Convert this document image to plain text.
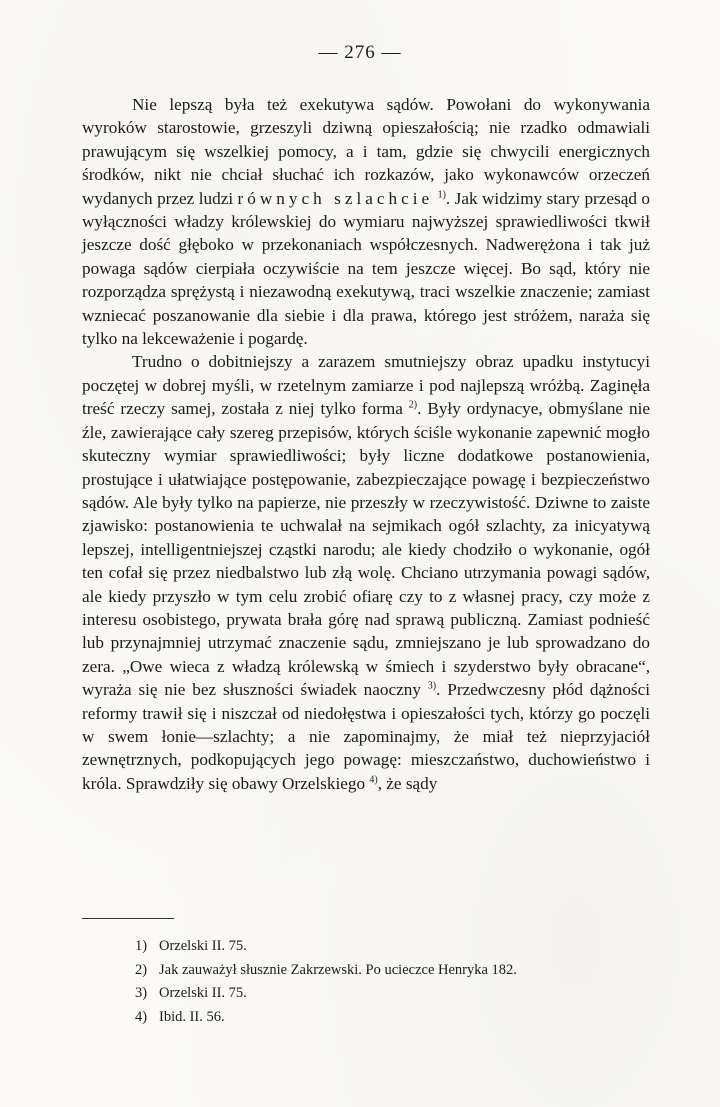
— 276 —

Nie lepszą była też exekutywa sądów. Powołani do wykonywania wyroków starostowie, grzeszyli dziwną opieszałością; nie rzadko odmawiali prawującym się wszelkiej pomocy, a i tam, gdzie się chwycili energicznych środków, nikt nie chciał słuchać ich rozkazów, jako wykonawców orzeczeń wydanych przez ludzi równych szlachcie $^{1)}$. Jak widzimy stary przesąd o wyłączności władzy królewskiej do wymiaru najwyższej sprawiedliwości tkwił jeszcze dość głęboko w przekonaniach współczesnych. Nadwerężona i tak już powaga sądów cierpiała oczywiście na tem jeszcze więcej. Bo sąd, który nie rozporządza sprężystą i niezawodną exekutywą, traci wszelkie znaczenie; zamiast wzniecać poszanowanie dla siebie i dla prawa, którego jest stróżem, naraża się tylko na lekceważenie i pogardę.

Trudno o dobitniejszy a zarazem smutniejszy obraz upadku instytucyi poczętej w dobrej myśli, w rzetelnym zamiarze i pod najlepszą wróżbą. Zaginęła treść rzeczy samej, została z niej tylko forma $^{2)}$. Były ordynacye, obmyślane nie źle, zawierające cały szereg przepisów, których ściśle wykonanie zapewnić mogło skuteczny wymiar sprawiedliwości; były liczne dodatkowe postanowienia, prostujące i ułatwiające postępowanie, zabezpieczające powagę i bezpieczeństwo sądów. Ale były tylko na papierze, nie przeszły w rzeczywistość. Dziwne to zaiste zjawisko: postanowienia te uchwalał na sejmikach ogół szlachty, za inicyatywą lepszej, intelligentniejszej cząstki narodu; ale kiedy chodziło o wykonanie, ogół ten cofał się przez niedbalstwo lub złą wolę. Chciano utrzymania powagi sądów, ale kiedy przyszło w tym celu zrobić ofiarę czy to z własnej pracy, czy może z interesu osobistego, prywata brała górę nad sprawą publiczną. Zamiast podnieść lub przynajmniej utrzymać znaczenie sądu, zmniejszano je lub sprowadzano do zera. „Owe wieca z władzą królewską w śmiech i szyderstwo były obracane“, wyraża się nie bez słuszności świadek naoczny $^{3)}$. Przedwczesny płód dążności reformy trawił się i niszczał od niedołęstwa i opieszałości tych, którzy go poczęli w swem łonie—szlachty; a nie zapominajmy, że miał też nieprzyjaciół zewnętrznych, podkopujących jego powagę: mieszczaństwo, duchowieństwo i króla. Sprawdziły się obawy Orzelskiego $^{4)}$, że sądy

1) Orzelski II. 75.
2) Jak zauważył słusznie Zakrzewski. Po ucieczce Henryka 182.
3) Orzelski II. 75.
4) Ibid. II. 56.
